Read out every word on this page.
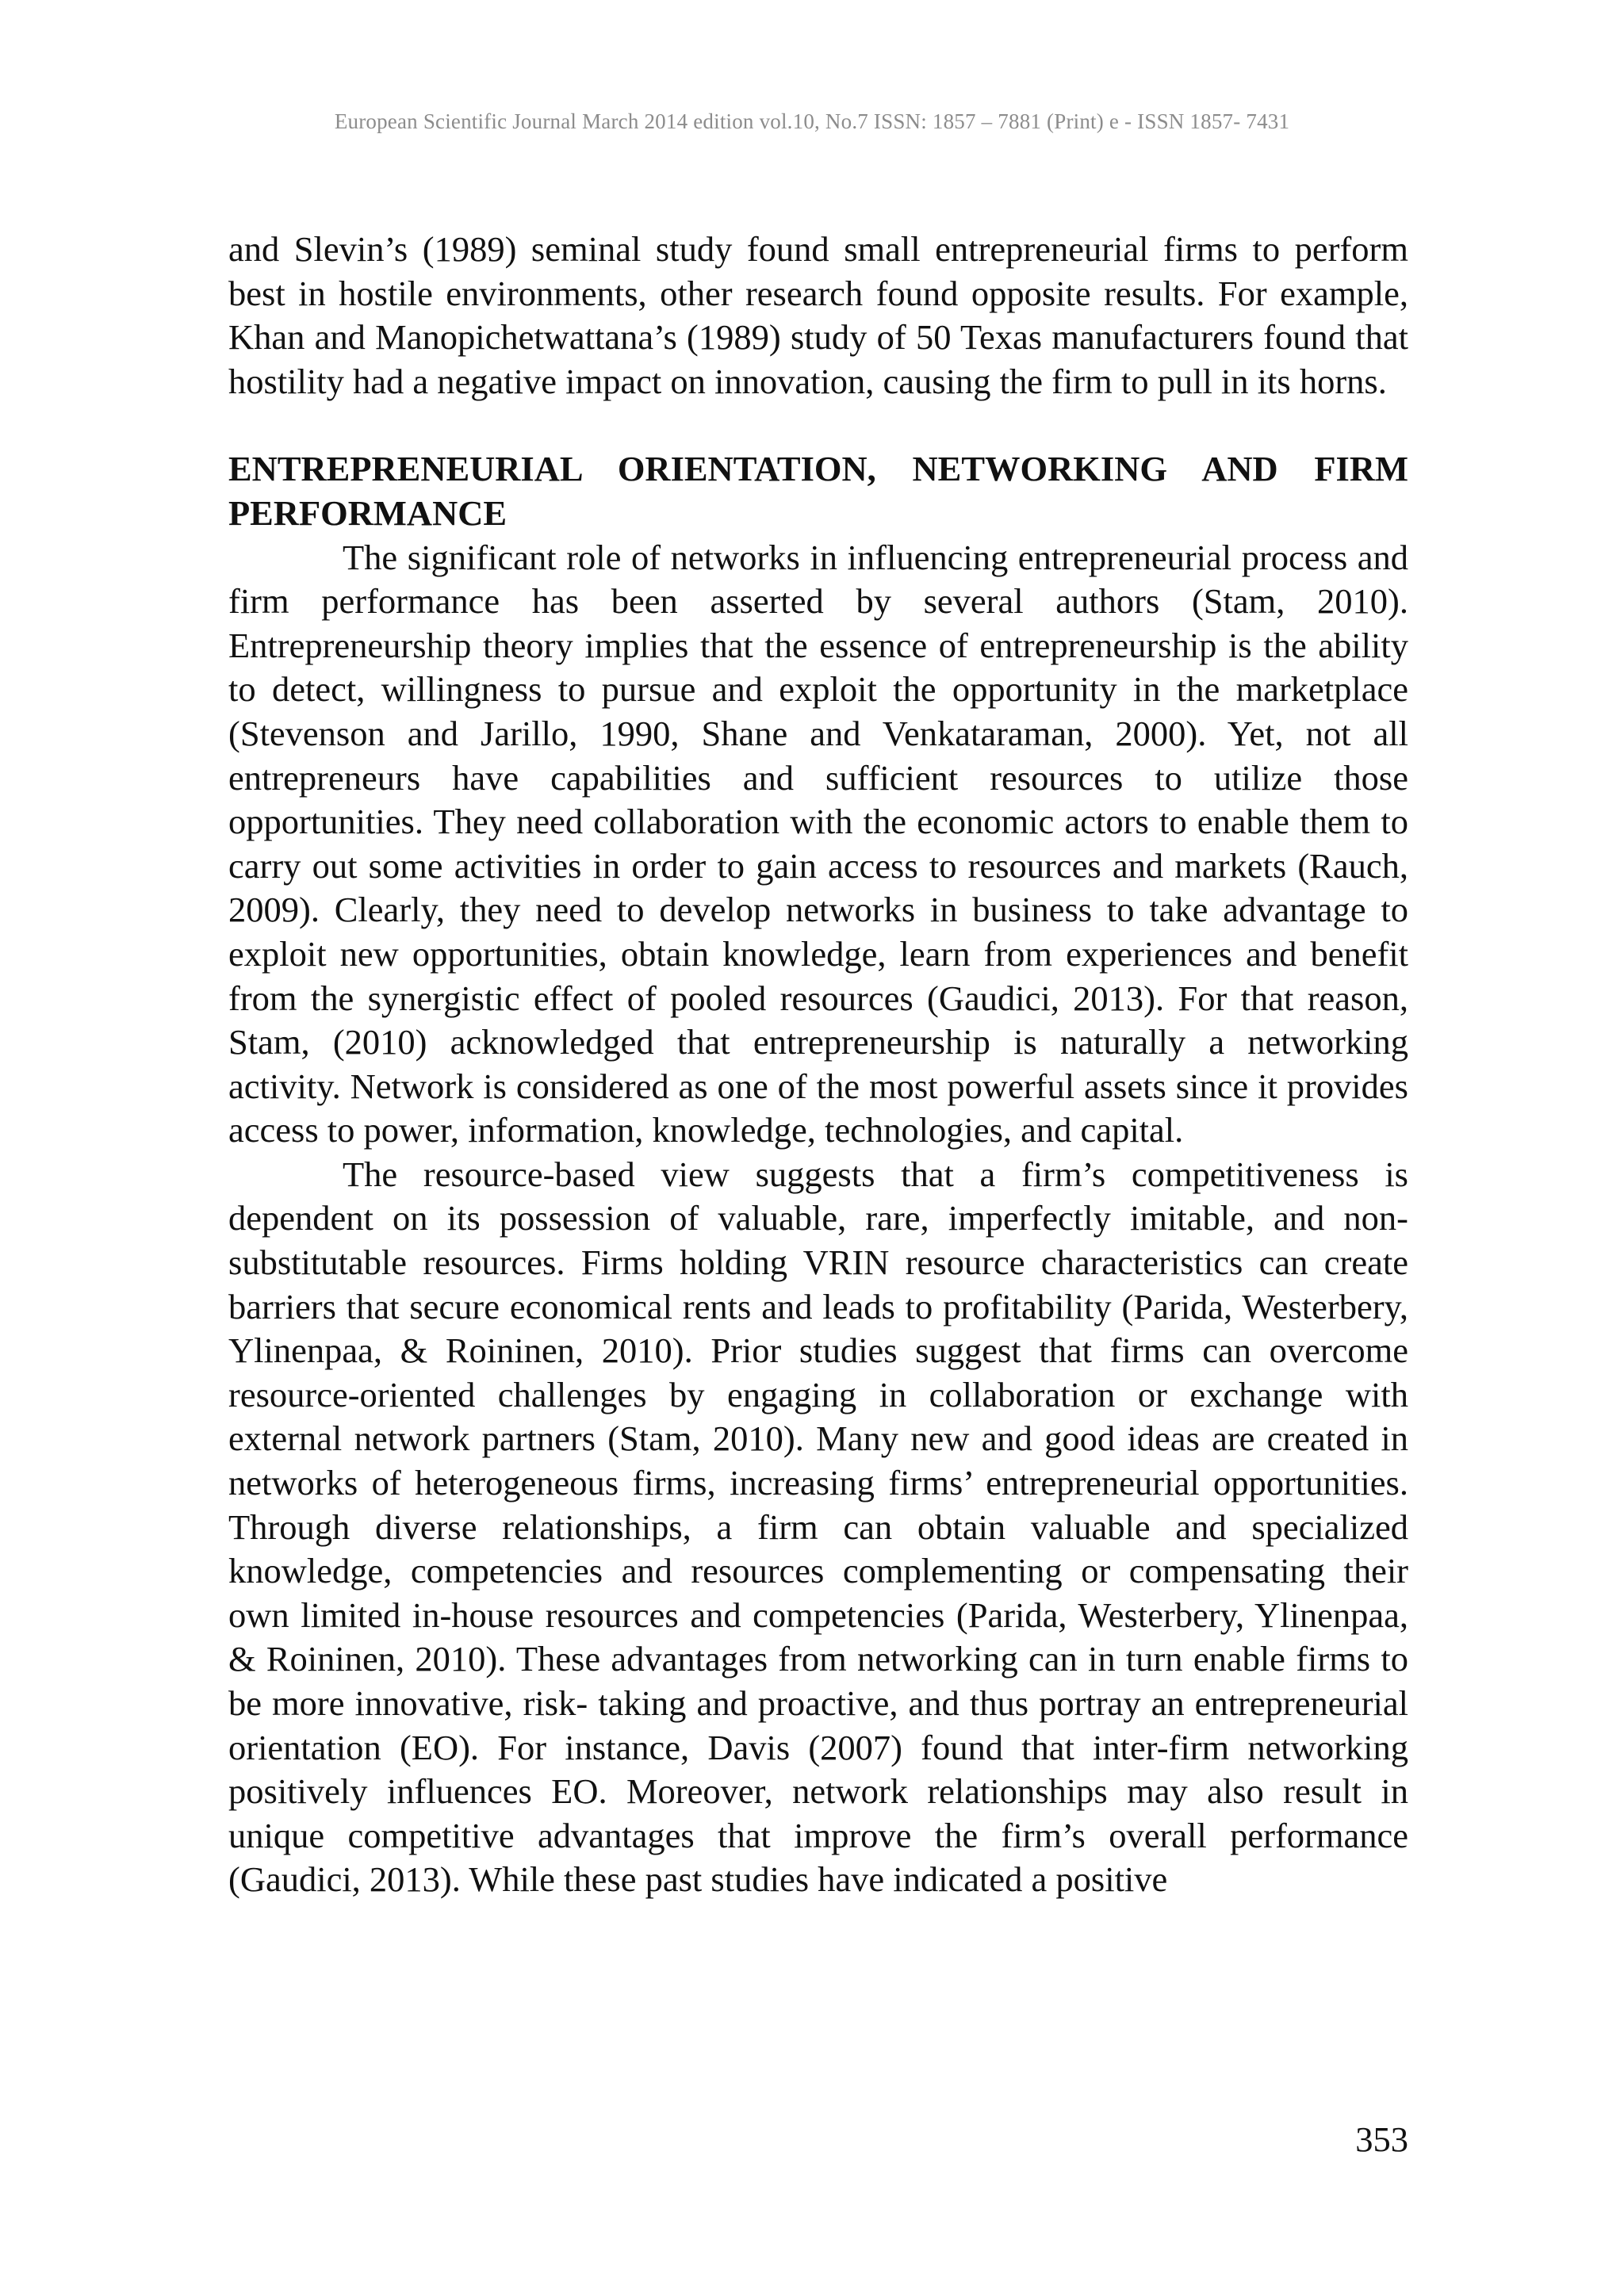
European Scientific Journal March 2014 edition vol.10, No.7 ISSN: 1857 – 7881 (Print) e - ISSN 1857- 7431

and Slevin’s (1989) seminal study found small entrepreneurial firms to perform best in hostile environments, other research found opposite results. For example, Khan and Manopichetwattana’s (1989) study of 50 Texas manufacturers found that hostility had a negative impact on innovation, causing the firm to pull in its horns.

ENTREPRENEURIAL ORIENTATION, NETWORKING AND FIRM PERFORMANCE

The significant role of networks in influencing entrepreneurial process and firm performance has been asserted by several authors (Stam, 2010). Entrepreneurship theory implies that the essence of entrepreneurship is the ability to detect, willingness to pursue and exploit the opportunity in the marketplace (Stevenson and Jarillo, 1990, Shane and Venkataraman, 2000). Yet, not all entrepreneurs have capabilities and sufficient resources to utilize those opportunities. They need collaboration with the economic actors to enable them to carry out some activities in order to gain access to resources and markets (Rauch, 2009). Clearly, they need to develop networks in business to take advantage to exploit new opportunities, obtain knowledge, learn from experiences and benefit from the synergistic effect of pooled resources (Gaudici, 2013). For that reason, Stam, (2010) acknowledged that entrepreneurship is naturally a networking activity. Network is considered as one of the most powerful assets since it provides access to power, information, knowledge, technologies, and capital.

The resource-based view suggests that a firm’s competitiveness is dependent on its possession of valuable, rare, imperfectly imitable, and non-substitutable resources. Firms holding VRIN resource characteristics can create barriers that secure economical rents and leads to profitability (Parida, Westerbery, Ylinenpaa, & Roininen, 2010). Prior studies suggest that firms can overcome resource-oriented challenges by engaging in collaboration or exchange with external network partners (Stam, 2010). Many new and good ideas are created in networks of heterogeneous firms, increasing firms’ entrepreneurial opportunities. Through diverse relationships, a firm can obtain valuable and specialized knowledge, competencies and resources complementing or compensating their own limited in-house resources and competencies (Parida, Westerbery, Ylinenpaa, & Roininen, 2010). These advantages from networking can in turn enable firms to be more innovative, risk- taking and proactive, and thus portray an entrepreneurial orientation (EO). For instance, Davis (2007) found that inter-firm networking positively influences EO. Moreover, network relationships may also result in unique competitive advantages that improve the firm’s overall performance (Gaudici, 2013). While these past studies have indicated a positive

353
